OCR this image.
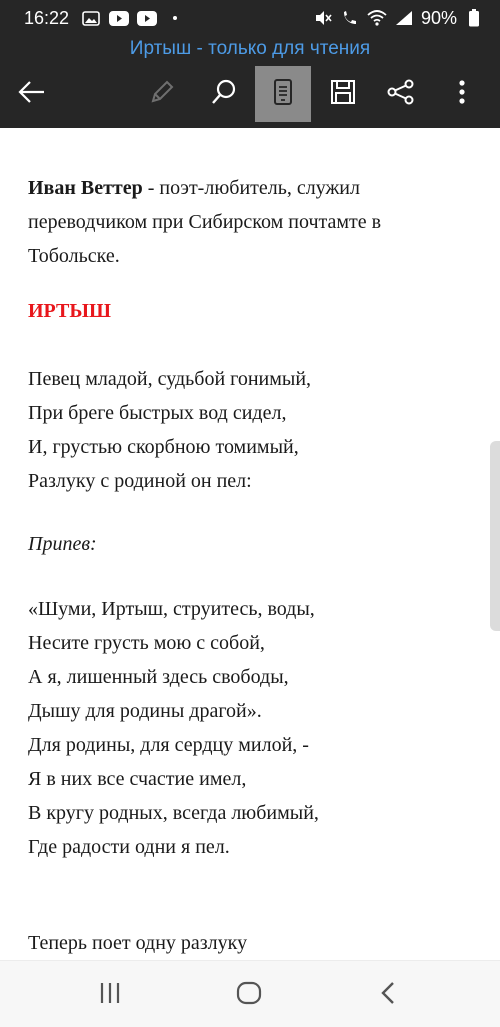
16:22	90%
Иртыш - только для чтения

Иван Веттер - поэт-любитель, служил переводчиком при Сибирском почтамте в Тобольске.

ИРТЫШ
Певец младой, судьбой гонимый,
При бреге быстрых вод сидел,
И, грустью скорбною томимый,
Разлуку с родиной он пел:
Припев:
«Шуми, Иртыш, струитесь, воды,
Несите грусть мою с собой,
А я, лишенный здесь свободы,
Дышу для родины драгой».
Для родины, для сердцу милой, -
Я в них все счастие имел,
В кругу родных, всегда любимый,
Где радости одни я пел.
Теперь поет одну разлуку
